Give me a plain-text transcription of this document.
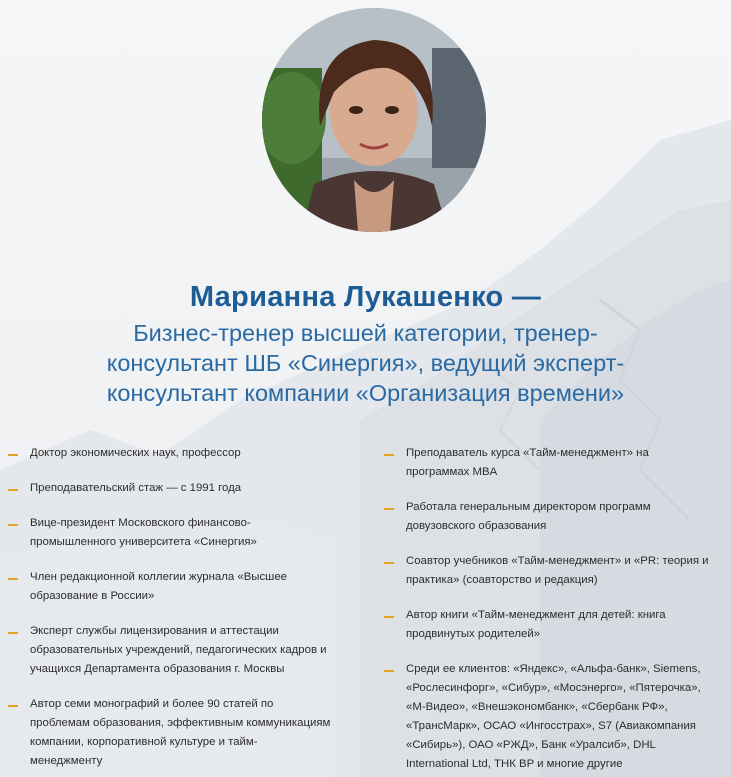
Марианна Лукашенко —
Бизнес-тренер высшей категории, тренер-
консультант ШБ «Синергия», ведущий эксперт-
консультант компании «Организация времени»
Доктор экономических наук, профессор
Преподавательский стаж — с 1991 года
Вице-президент Московского финансово-
промышленного университета «Синергия»
Член редакционной коллегии журнала «Высшее
образование в России»
Эксперт службы лицензирования и аттестации
образовательных учреждений, педагогических кадров и
учащихся Департамента образования г. Москвы
Автор семи монографий и более 90 статей по
проблемам образования, эффективным коммуникациям
компании, корпоративной культуре и тайм-
менеджменту
Преподаватель курса «Тайм-менеджмент» на
программах MBA
Работала генеральным директором программ
довузовского образования
Соавтор учебников «Тайм-менеджмент» и «PR: теория и
практика» (соавторство и редакция)
Автор книги «Тайм-менеджмент для детей: книга
продвинутых родителей»
Среди ее клиентов: «Яндекс», «Альфа-банк», Siemens,
«Рослесинфорг», «Сибур», «Мосэнерго», «Пятерочка»,
«М-Видео», «Внешэкономбанк», «Сбербанк РФ»,
«ТрансМарк», ОСАО «Ингосстрах», S7 (Авиакомпания
«Сибирь»), ОАО «РЖД», Банк «Уралсиб», DHL
International Ltd, ТНК BP и многие другие
